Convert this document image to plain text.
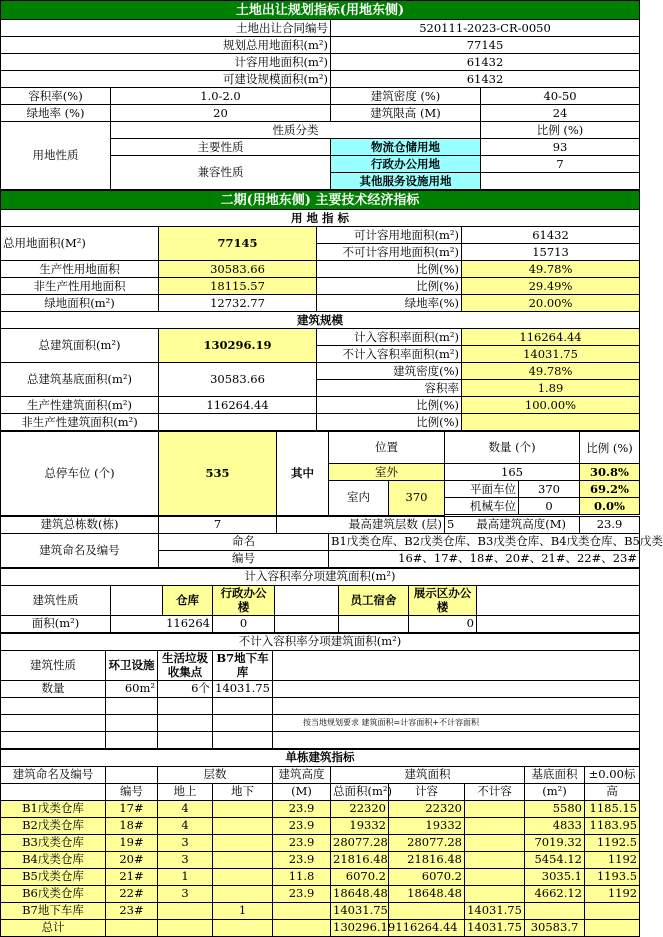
土地出让规划指标(用地东侧)			
土地出让合同编号		520111-2023-CR-0050	
规划总用地面积(m²)		77145	
计容用地面积(m²)		61432	
可建设规模面积(m²)		61432	
容积率(%)	1.0-2.0	建筑密度 (%)	40-50
绿地率 (%)	20	建筑限高 (M)	24
用地性质	性质分类		比例 (%)
	主要性质	物流仓储用地	93
	兼容性质	行政办公用地	7
		其他服务设施用地	
二期(用地东侧) 主要技术经济指标			
用 地 指 标			
总用地面积(M²)	77145	可计容用地面积(m²)	61432
		不可计容用地面积(m²)	15713
生产性用地面积	30583.66	比例(%)	49.78%
非生产性用地面积	18115.57	比例(%)	29.49%
绿地面积(m²)	12732.77	绿地率(%)	20.00%
建筑规模			
总建筑面积(m²)	130296.19	计入容积率面积(m²)	116264.44
		不计入容积率面积(m²)	14031.75
总建筑基底面积(m²)	30583.66	建筑密度(%)	49.78%
		容积率	1.89
生产性建筑面积(m²)	116264.44	比例(%)	100.00%
非生产性建筑面积(m²)		比例(%)	
总停车位 (个)	535	其中	位置		数量 (个)		比例 (%)
			室外		165		30.8%
			室内	370	平面车位	370	69.2%
					机械车位	0	0.0%

建筑总栋数(栋)	7	最高建筑层数 (层)		5 最高建筑高度(M)	23.9
建筑命名及编号	命名		B1戊类仓库、B2戊类仓库、B3戊类仓库、B4戊类仓库、B5戊类		
	编号		16#、17#、18#、20#、21#、22#、23#		
计入容积率分项建筑面积(m²)							
建筑性质		仓库	行政办公楼		员工宿舍	展示区办公楼	
面积(m²)	116264		0			0	
不计入容积率分项建筑面积(m²)				
建筑性质	环卫设施	生活垃圾收集点	B7地下车库	
数量	60m²	6个	14031.75	

				按当地规划要求 建筑面积=计容面积+不计容面积

单栋建筑指标									
建筑命名及编号		层数		建筑高度	建筑面积			基底面积	±0.00标
	编号	地上	地下	(M)	总面积(m²)	计容	不计容	(m²)	高
B1戊类仓库	17#	4		23.9	22320	22320		5580	1185.15
B2戊类仓库	18#	4		23.9	19332	19332		4833	1183.95
B3戊类仓库	19#	3		23.9	28077.28	28077.28		7019.32	1192.5
B4戊类仓库	20#	3		23.9	21816.48	21816.48		5454.12	1192
B5戊类仓库	21#	1		11.8	6070.2	6070.2		3035.1	1193.5
B6戊类仓库	22#	3		23.9	18648.48	18648.48		4662.12	1192
B7地下车库	23#		1		14031.75		14031.75		
总计					130296.19	116264.44	14031.75	30583.7	
